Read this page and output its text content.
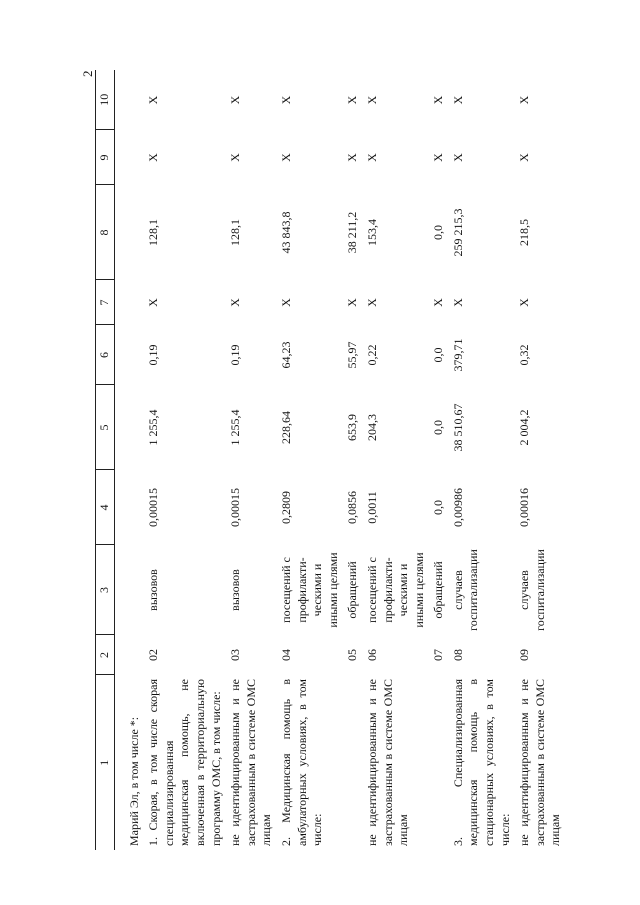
2
1	2	3	4	5	6	7	8	9	10

Марий Эл, в том числе *:									
1. Скорая, в том числе скорая специализированная медицинская помощь, не включенная в территориальную программу ОМС, в том числе:	02	вызовов	0,00015	1 255,4	0,19	Х	128,1	Х	Х
не идентифицированным и не застрахованным в системе ОМС лицам	03	вызовов	0,00015	1 255,4	0,19	Х	128,1	Х	Х
2. Медицинская помощь в амбулаторных условиях, в том числе:	04	посещений с профилакти-ческими и иными целями	0,2809	228,64	64,23	Х	43 843,8	Х	Х
	05	обращений	0,0856	653,9	55,97	Х	38 211,2	Х	Х
не идентифицированным и не застрахованным в системе ОМС лицам	06	посещений с профилакти-ческими и иными целями	0,0011	204,3	0,22	Х	153,4	Х	Х
	07	обращений	0,0	0,0	0,0	Х	0,0	Х	Х
3. Специализированная медицинская помощь в стационарных условиях, в том числе:	08	случаев госпитализации	0,00986	38 510,67	379,71	Х	259 215,3	Х	Х
не идентифицированным и не застрахованным в системе ОМС лицам	09	случаев госпитализации	0,00016	2 004,2	0,32	Х	218,5	Х	Х
